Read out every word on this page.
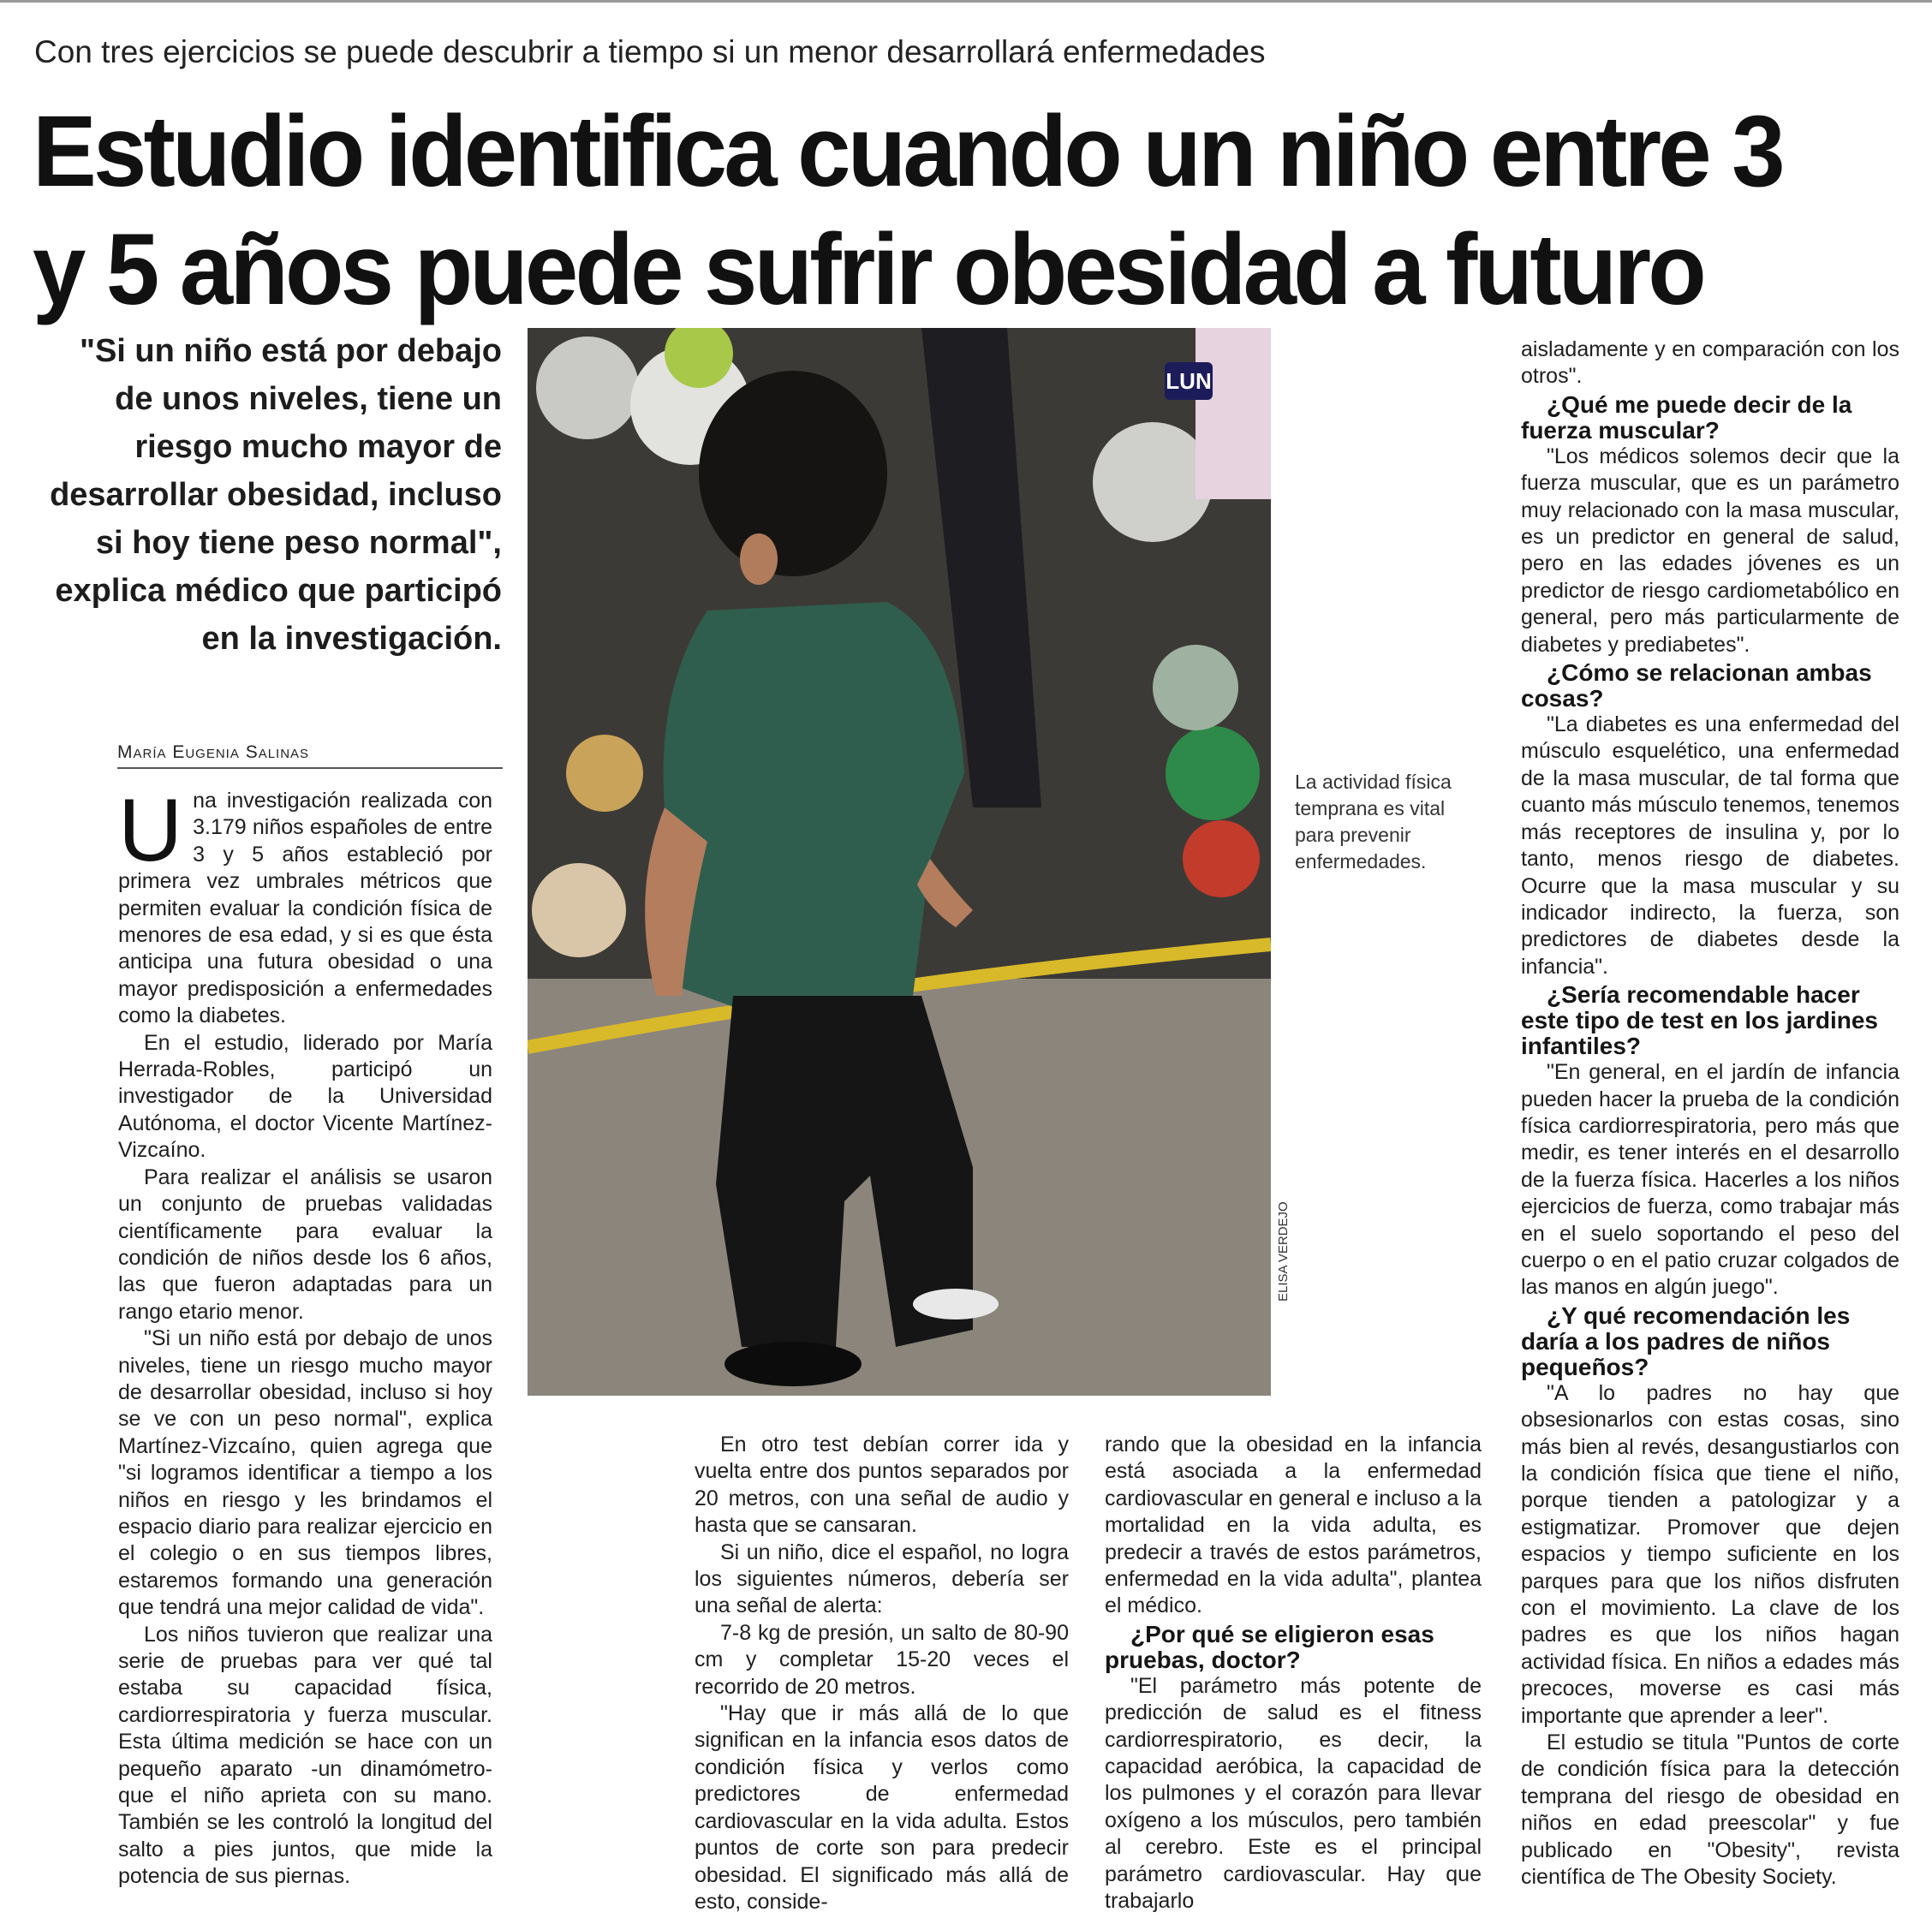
Con tres ejercicios se puede descubrir a tiempo si un menor desarrollará enfermedades
Estudio identifica cuando un niño entre 3
y 5 años puede sufrir obesidad a futuro
"Si un niño está por debajo de unos niveles, tiene un riesgo mucho mayor de desarrollar obesidad, incluso si hoy tiene peso normal", explica médico que participó en la investigación.
María Eugenia Salinas

Una investigación realizada con 3.179 niños españoles de entre 3 y 5 años estableció por primera vez umbrales métricos que permiten evaluar la condición física de menores de esa edad, y si es que ésta anticipa una futura obesidad o una mayor predisposición a enfermedades como la diabetes.

En el estudio, liderado por María Herrada-Robles, participó un investigador de la Universidad Autónoma, el doctor Vicente Martínez-Vizcaíno.

Para realizar el análisis se usaron un conjunto de pruebas validadas científicamente para evaluar la condición de niños desde los 6 años, las que fueron adaptadas para un rango etario menor.

"Si un niño está por debajo de unos niveles, tiene un riesgo mucho mayor de desarrollar obesidad, incluso si hoy se ve con un peso normal", explica Martínez-Vizcaíno, quien agrega que "si logramos identificar a tiempo a los niños en riesgo y les brindamos el espacio diario para realizar ejercicio en el colegio o en sus tiempos libres, estaremos formando una generación que tendrá una mejor calidad de vida".

Los niños tuvieron que realizar una serie de pruebas para ver qué tal estaba su capacidad física, cardiorrespiratoria y fuerza muscular. Esta última medición se hace con un pequeño aparato -un dinamómetro- que el niño aprieta con su mano. También se les controló la longitud del salto a pies juntos, que mide la potencia de sus piernas.

LUN
ELISA VERDEJO
La actividad física temprana es vital para prevenir enfermedades.

En otro test debían correr ida y vuelta entre dos puntos separados por 20 metros, con una señal de audio y hasta que se cansaran.

Si un niño, dice el español, no logra los siguientes números, debería ser una señal de alerta:

7-8 kg de presión, un salto de 80-90 cm y completar 15-20 veces el recorrido de 20 metros.

"Hay que ir más allá de lo que significan en la infancia esos datos de condición física y verlos como predictores de enfermedad cardiovascular en la vida adulta. Estos puntos de corte son para predecir obesidad. El significado más allá de esto, conside-

rando que la obesidad en la infancia está asociada a la enfermedad cardiovascular en general e incluso a la mortalidad en la vida adulta, es predecir a través de estos parámetros, enfermedad en la vida adulta", plantea el médico.

¿Por qué se eligieron esas pruebas, doctor?

"El parámetro más potente de predicción de salud es el fitness cardiorrespiratorio, es decir, la capacidad aeróbica, la capacidad de los pulmones y el corazón para llevar oxígeno a los músculos, pero también al cerebro. Este es el principal parámetro cardiovascular. Hay que trabajarlo

aisladamente y en comparación con los otros".

¿Qué me puede decir de la fuerza muscular?

"Los médicos solemos decir que la fuerza muscular, que es un parámetro muy relacionado con la masa muscular, es un predictor en general de salud, pero en las edades jóvenes es un predictor de riesgo cardiometabólico en general, pero más particularmente de diabetes y prediabetes".

¿Cómo se relacionan ambas cosas?

"La diabetes es una enfermedad del músculo esquelético, una enfermedad de la masa muscular, de tal forma que cuanto más músculo tenemos, tenemos más receptores de insulina y, por lo tanto, menos riesgo de diabetes. Ocurre que la masa muscular y su indicador indirecto, la fuerza, son predictores de diabetes desde la infancia".

¿Sería recomendable hacer este tipo de test en los jardines infantiles?

"En general, en el jardín de infancia pueden hacer la prueba de la condición física cardiorrespiratoria, pero más que medir, es tener interés en el desarrollo de la fuerza física. Hacerles a los niños ejercicios de fuerza, como trabajar más en el suelo soportando el peso del cuerpo o en el patio cruzar colgados de las manos en algún juego".

¿Y qué recomendación les daría a los padres de niños pequeños?

"A lo padres no hay que obsesionarlos con estas cosas, sino más bien al revés, desangustiarlos con la condición física que tiene el niño, porque tienden a patologizar y a estigmatizar. Promover que dejen espacios y tiempo suficiente en los parques para que los niños disfruten con el movimiento. La clave de los padres es que los niños hagan actividad física. En niños a edades más precoces, moverse es casi más importante que aprender a leer".

El estudio se titula "Puntos de corte de condición física para la detección temprana del riesgo de obesidad en niños en edad preescolar" y fue publicado en "Obesity", revista científica de The Obesity Society.
